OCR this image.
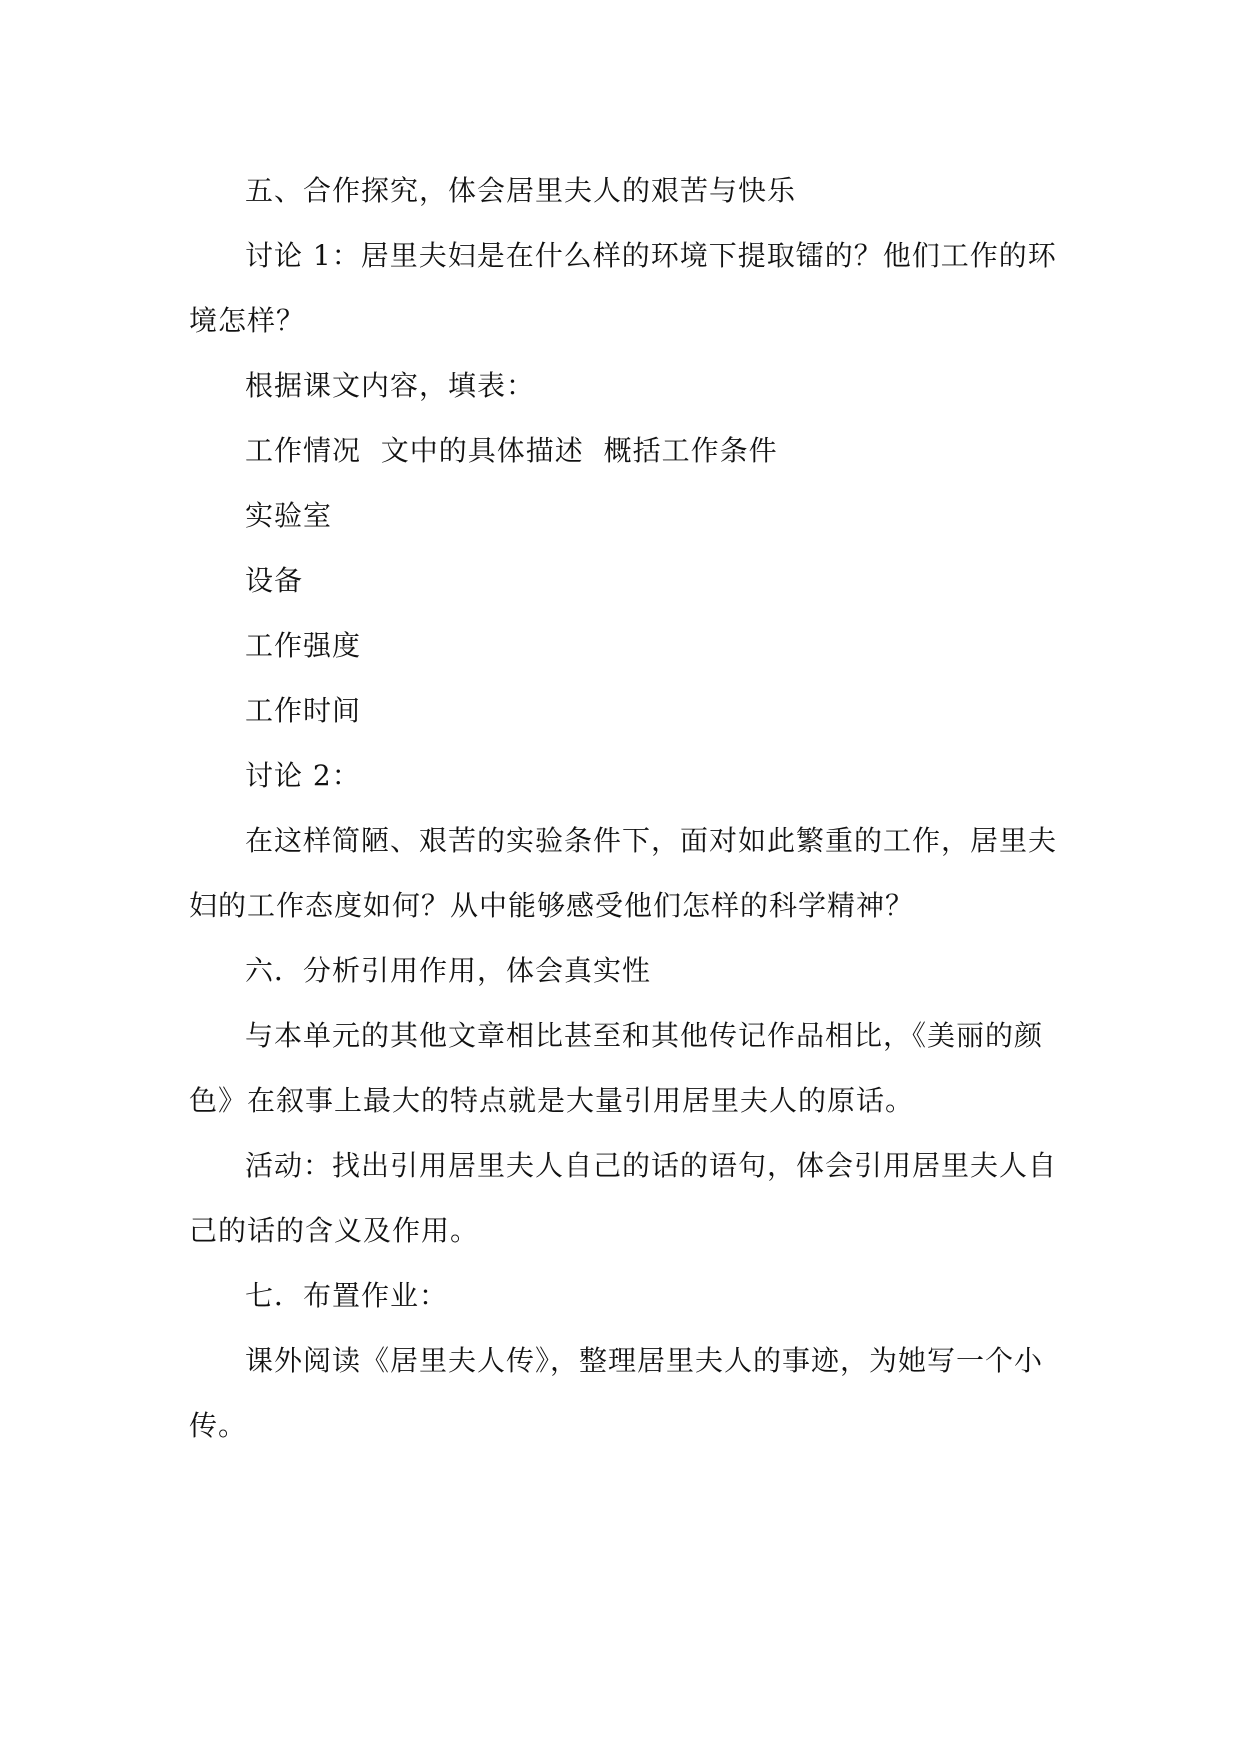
五、合作探究，体会居里夫人的艰苦与快乐

讨论 1：居里夫妇是在什么样的环境下提取镭的？他们工作的环境怎样？

根据课文内容，填表：

工作情况  文中的具体描述  概括工作条件

实验室

设备

工作强度

工作时间

讨论 2：

在这样简陋、艰苦的实验条件下，面对如此繁重的工作，居里夫妇的工作态度如何？从中能够感受他们怎样的科学精神？

六．分析引用作用，体会真实性

与本单元的其他文章相比甚至和其他传记作品相比，《美丽的颜色》在叙事上最大的特点就是大量引用居里夫人的原话。

活动：找出引用居里夫人自己的话的语句，体会引用居里夫人自己的话的含义及作用。

七．布置作业：

课外阅读《居里夫人传》，整理居里夫人的事迹，为她写一个小传。
